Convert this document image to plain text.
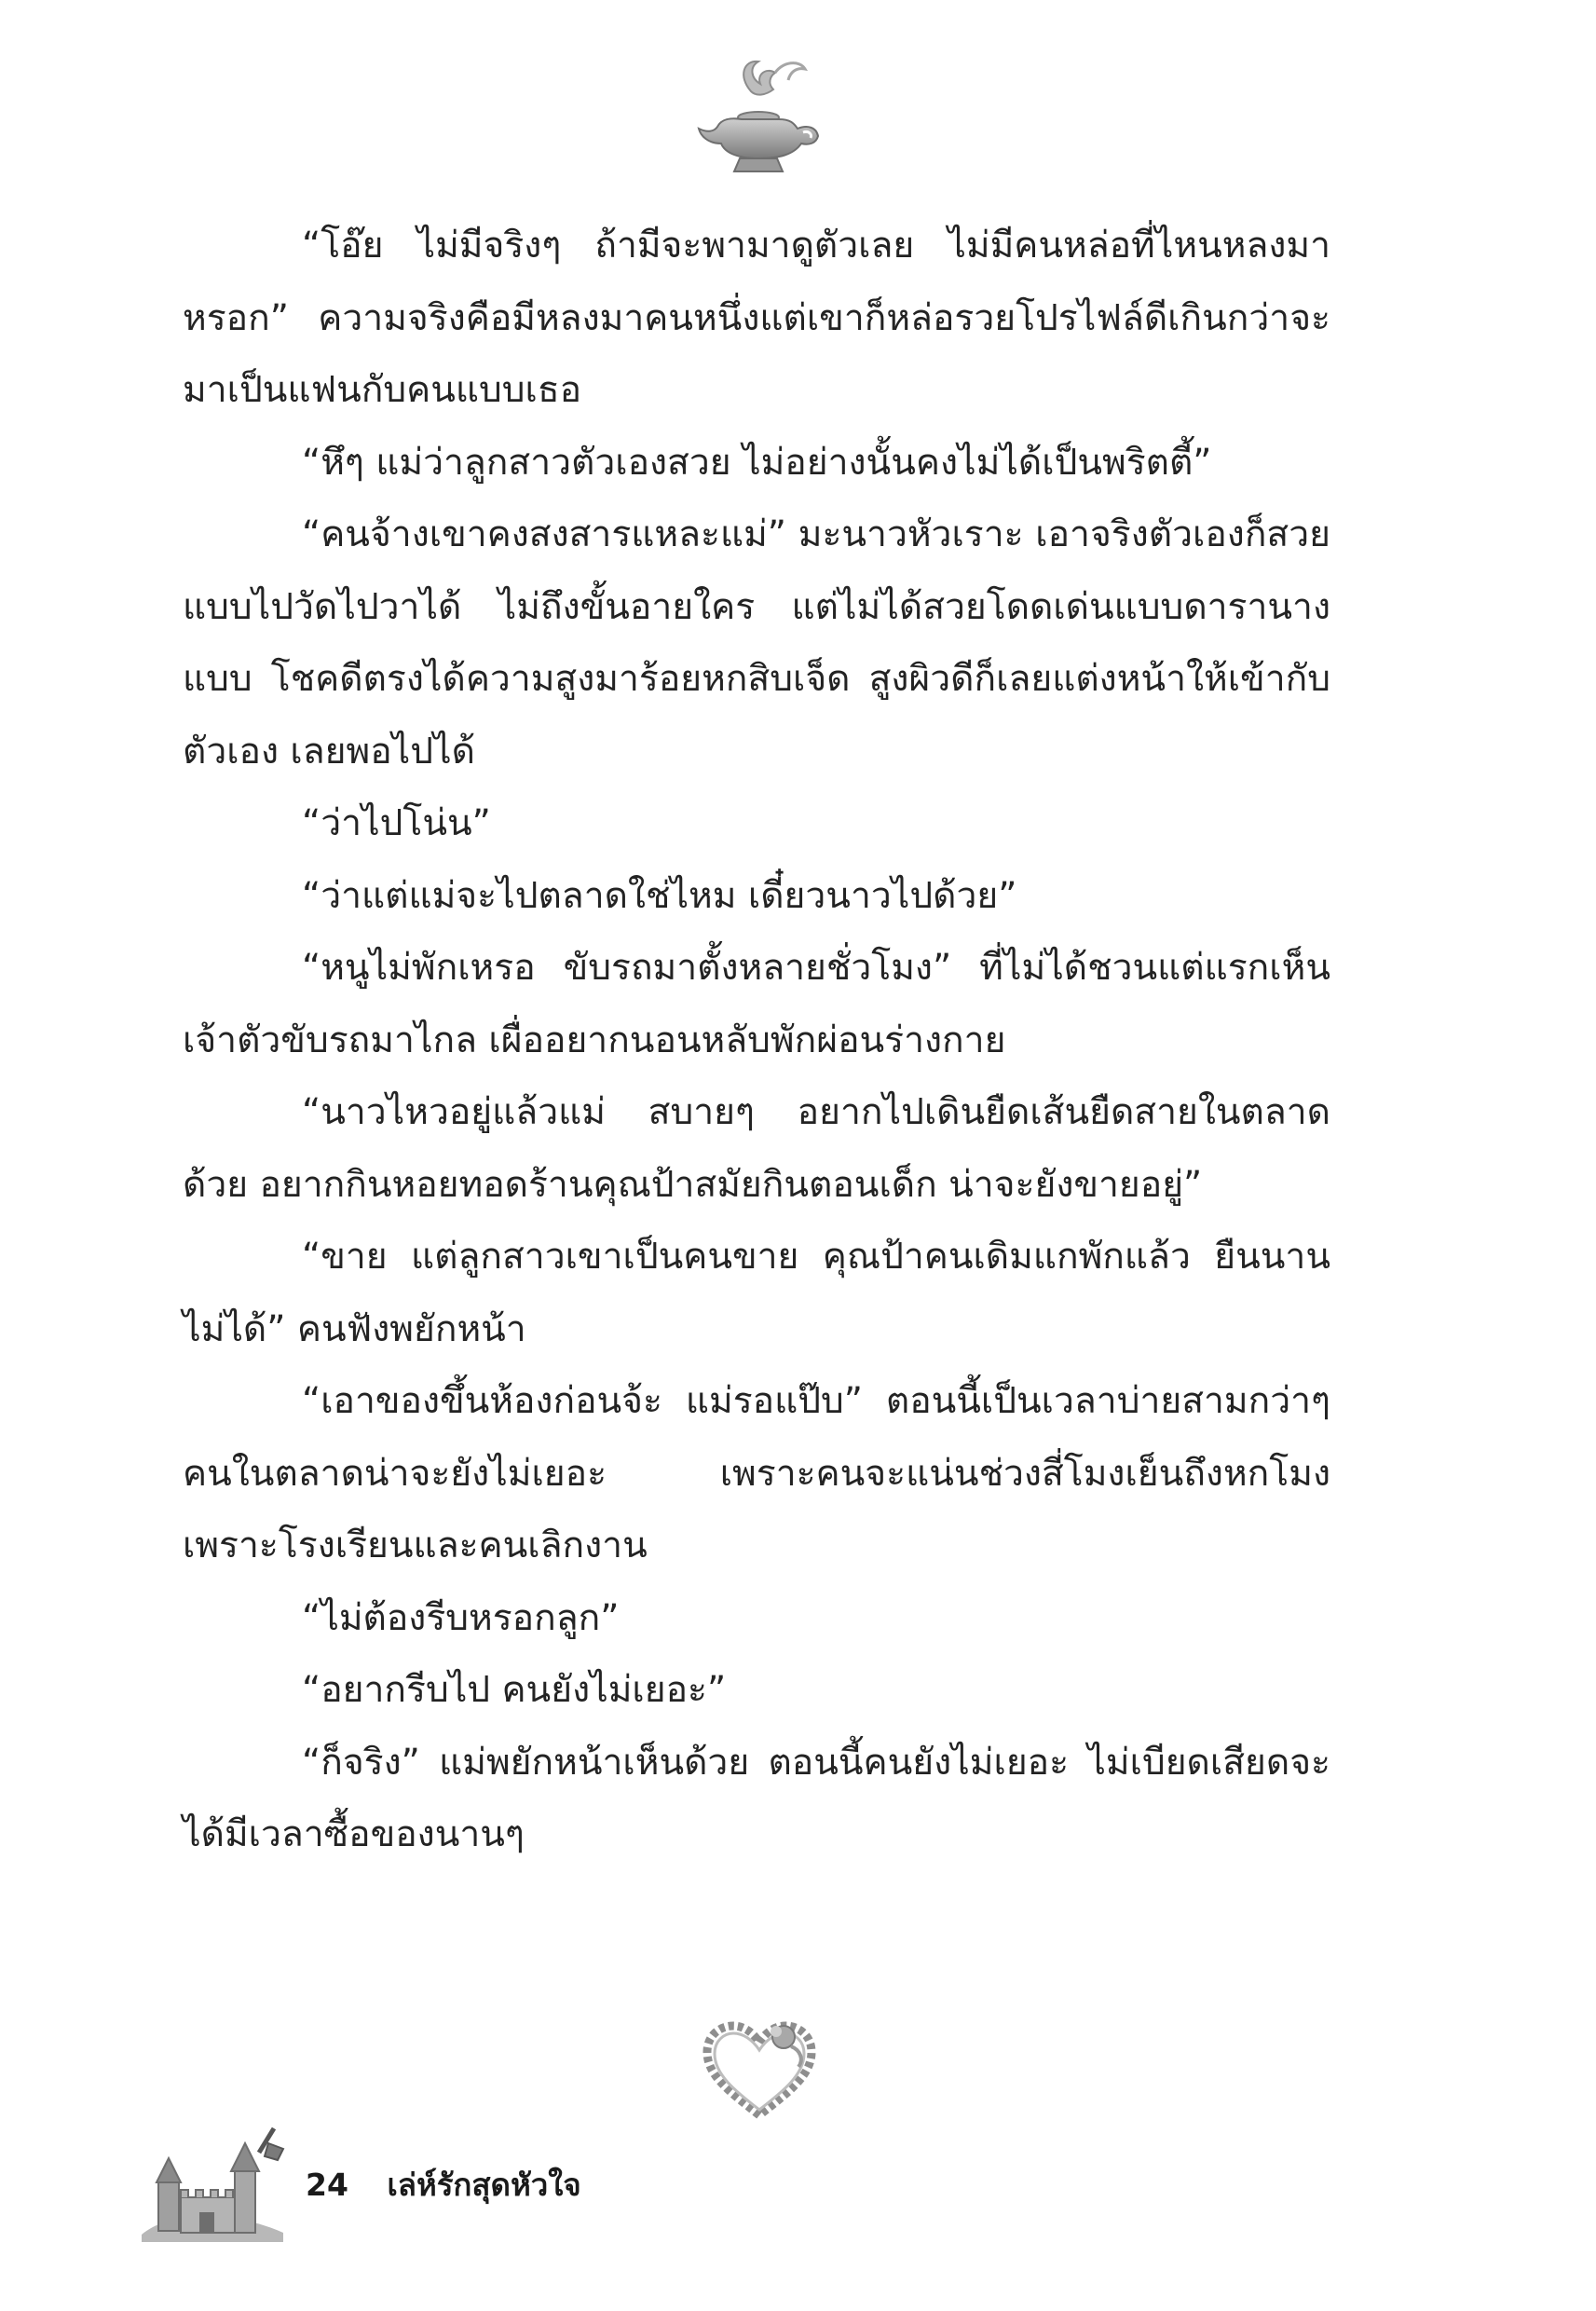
“โอ๊ย ไม่มีจริงๆ ถ้ามีจะพามาดูตัวเลย ไม่มีคนหล่อที่ไหนหลงมาหรอก” ความจริงคือมีหลงมาคนหนึ่งแต่เขาก็หล่อรวยโปรไฟล์ดีเกินกว่าจะมาเป็นแฟนกับคนแบบเธอ

“หึๆ แม่ว่าลูกสาวตัวเองสวย ไม่อย่างนั้นคงไม่ได้เป็นพริตตี้”

“คนจ้างเขาคงสงสารแหละแม่” มะนาวหัวเราะ เอาจริงตัวเองก็สวยแบบไปวัดไปวาได้ ไม่ถึงขั้นอายใคร แต่ไม่ได้สวยโดดเด่นแบบดารานางแบบ โชคดีตรงได้ความสูงมาร้อยหกสิบเจ็ด สูงผิวดีก็เลยแต่งหน้าให้เข้ากับตัวเอง เลยพอไปได้

“ว่าไปโน่น”

“ว่าแต่แม่จะไปตลาดใช่ไหม เดี๋ยวนาวไปด้วย”

“หนูไม่พักเหรอ ขับรถมาตั้งหลายชั่วโมง” ที่ไม่ได้ชวนแต่แรกเห็นเจ้าตัวขับรถมาไกล เผื่ออยากนอนหลับพักผ่อนร่างกาย

“นาวไหวอยู่แล้วแม่ สบายๆ อยากไปเดินยืดเส้นยืดสายในตลาดด้วย อยากกินหอยทอดร้านคุณป้าสมัยกินตอนเด็ก น่าจะยังขายอยู่”

“ขาย แต่ลูกสาวเขาเป็นคนขาย คุณป้าคนเดิมแกพักแล้ว ยืนนานไม่ได้” คนฟังพยักหน้า

“เอาของขึ้นห้องก่อนจ้ะ แม่รอแป๊บ” ตอนนี้เป็นเวลาบ่ายสามกว่าๆ คนในตลาดน่าจะยังไม่เยอะ เพราะคนจะแน่นช่วงสี่โมงเย็นถึงหกโมง เพราะโรงเรียนและคนเลิกงาน

“ไม่ต้องรีบหรอกลูก”

“อยากรีบไป คนยังไม่เยอะ”

“ก็จริง” แม่พยักหน้าเห็นด้วย ตอนนี้คนยังไม่เยอะ ไม่เบียดเสียดจะได้มีเวลาซื้อของนานๆ

24 เล่ห์รักสุดหัวใจ
